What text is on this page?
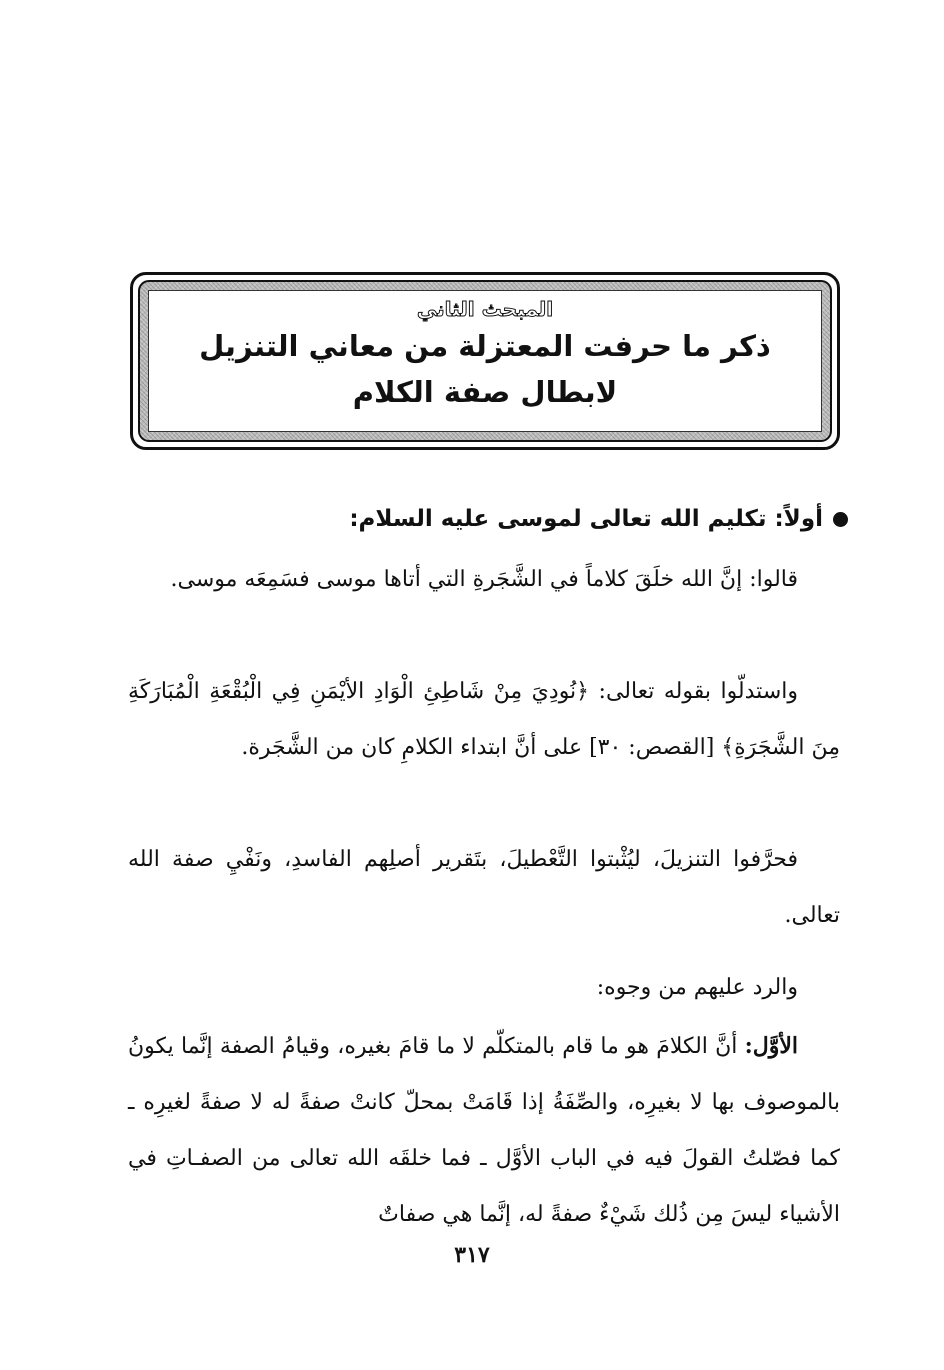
المبحث الثاني
ذكر ما حرفت المعتزلة من معاني التنزيل
لابطال صفة الكلام
أولاً: تكليم الله تعالى لموسى عليه السلام:

قالوا: إنَّ الله خلَقَ كلاماً في الشَّجَرةِ التي أتاها موسى فسَمِعَه موسى.

واستدلّوا بقوله تعالى: ﴿نُودِيَ مِنْ شَاطِئِ الْوَادِ الأيْمَنِ فِي الْبُقْعَةِ الْمُبَارَكَةِ مِنَ الشَّجَرَةِ﴾ [القصص: ٣٠] على أنَّ ابتداء الكلامِ كان من الشَّجَرة.

فحرَّفوا التنزيلَ، ليُثْبتوا التَّعْطيلَ، بتَقرير أصلِهم الفاسدِ، ونَفْيِ صفة الله تعالى.

والرد عليهم من وجوه:

الأوَّل: أنَّ الكلامَ هو ما قام بالمتكلّم لا ما قامَ بغيره، وقيامُ الصفة إنَّما يكونُ بالموصوف بها لا بغيرِه، والصِّفَةُ إذا قَامَتْ بمحلّ كانتْ صفةً له لا صفةً لغيرِه ـ كما فصّلتُ القولَ فيه في الباب الأوَّل ـ فما خلقَه الله تعالى من الصفـاتِ في الأشياء ليسَ مِن ذُلك شَيْءٌ صفةً له، إنَّما هي صفاتٌ

٣١٧
